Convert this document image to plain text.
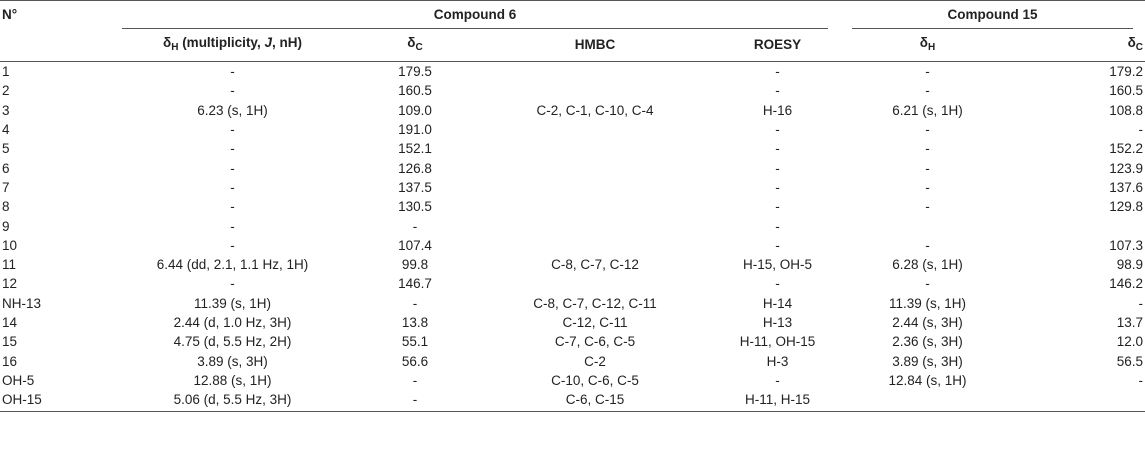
N°	Compound 6				Compound 15	
	$\delta_H$ (multiplicity, J, nH)	$\delta_C$	HMBC	ROESY	$\delta_H$	$\delta_C$
1	-	179.5		-	-	179.2
2	-	160.5		-	-	160.5
3	6.23 (s, 1H)	109.0	C-2, C-1, C-10, C-4	H-16	6.21 (s, 1H)	108.8
4	-	191.0		-	-	-
5	-	152.1		-	-	152.2
6	-	126.8		-	-	123.9
7	-	137.5		-	-	137.6
8	-	130.5		-	-	129.8
9	-	-		-		
10	-	107.4		-	-	107.3
11	6.44 (dd, 2.1, 1.1 Hz, 1H)	99.8	C-8, C-7, C-12	H-15, OH-5	6.28 (s, 1H)	98.9
12	-	146.7		-	-	146.2
NH-13	11.39 (s, 1H)	-	C-8, C-7, C-12, C-11	H-14	11.39 (s, 1H)	-
14	2.44 (d, 1.0 Hz, 3H)	13.8	C-12, C-11	H-13	2.44 (s, 3H)	13.7
15	4.75 (d, 5.5 Hz, 2H)	55.1	C-7, C-6, C-5	H-11, OH-15	2.36 (s, 3H)	12.0
16	3.89 (s, 3H)	56.6	C-2	H-3	3.89 (s, 3H)	56.5
OH-5	12.88 (s, 1H)	-	C-10, C-6, C-5	-	12.84 (s, 1H)	-
OH-15	5.06 (d, 5.5 Hz, 3H)	-	C-6, C-15	H-11, H-15		
